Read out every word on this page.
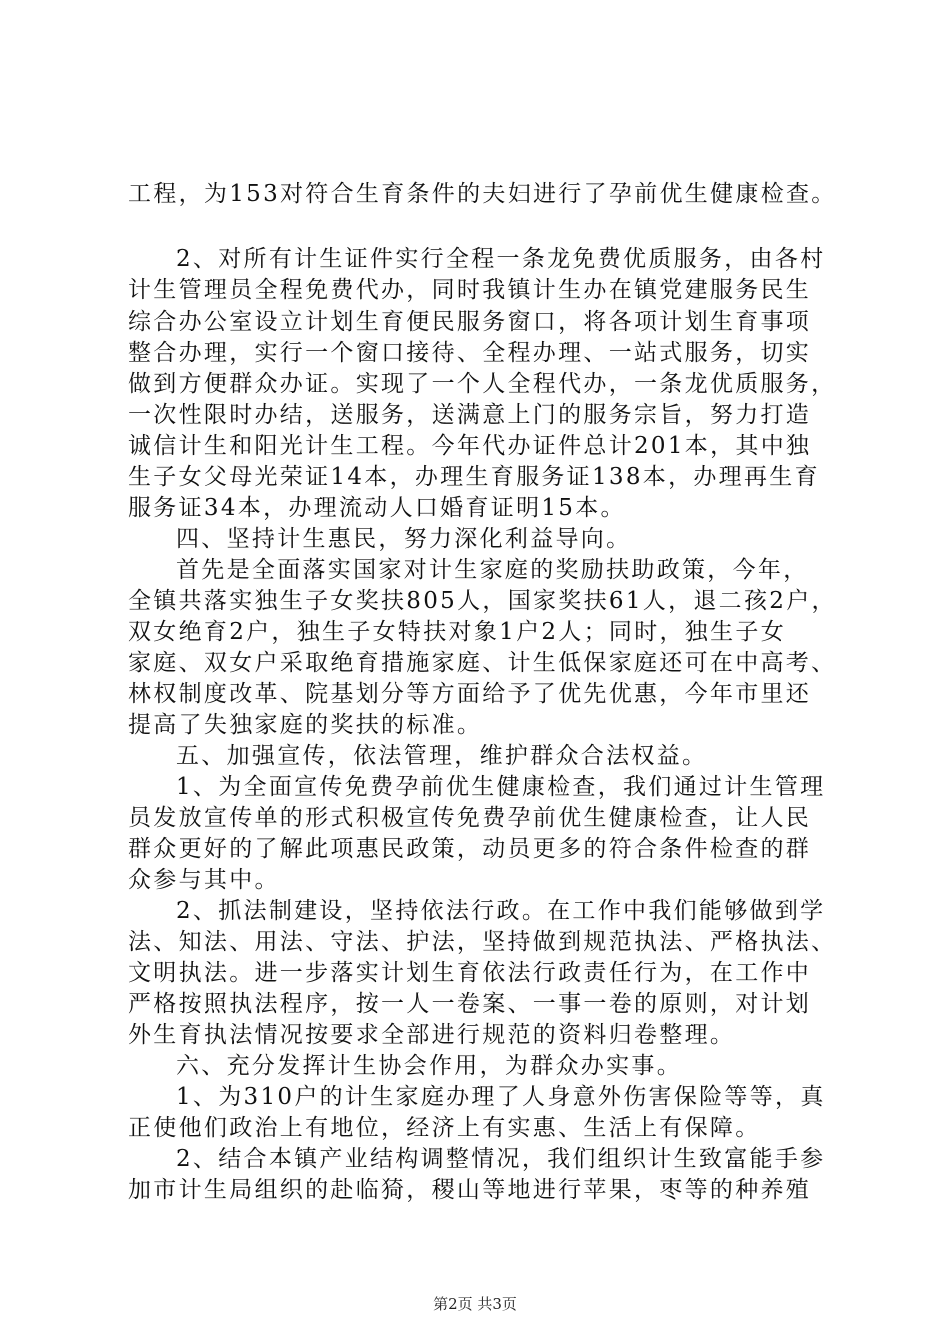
工程，为153对符合生育条件的夫妇进行了孕前优生健康检查。
2、对所有计生证件实行全程一条龙免费优质服务，由各村
计生管理员全程免费代办，同时我镇计生办在镇党建服务民生
综合办公室设立计划生育便民服务窗口，将各项计划生育事项
整合办理，实行一个窗口接待、全程办理、一站式服务，切实
做到方便群众办证。实现了一个人全程代办，一条龙优质服务，
一次性限时办结，送服务，送满意上门的服务宗旨，努力打造
诚信计生和阳光计生工程。今年代办证件总计201本，其中独
生子女父母光荣证14本，办理生育服务证138本，办理再生育
服务证34本，办理流动人口婚育证明15本。
四、坚持计生惠民，努力深化利益导向。
首先是全面落实国家对计生家庭的奖励扶助政策，今年，
全镇共落实独生子女奖扶805人，国家奖扶61人，退二孩2户，
双女绝育2户，独生子女特扶对象1户2人；同时，独生子女
家庭、双女户采取绝育措施家庭、计生低保家庭还可在中高考、
林权制度改革、院基划分等方面给予了优先优惠，今年市里还
提高了失独家庭的奖扶的标准。
五、加强宣传，依法管理，维护群众合法权益。
1、为全面宣传免费孕前优生健康检查，我们通过计生管理
员发放宣传单的形式积极宣传免费孕前优生健康检查，让人民
群众更好的了解此项惠民政策，动员更多的符合条件检查的群
众参与其中。
2、抓法制建设，坚持依法行政。在工作中我们能够做到学
法、知法、用法、守法、护法，坚持做到规范执法、严格执法、
文明执法。进一步落实计划生育依法行政责任行为，在工作中
严格按照执法程序，按一人一卷案、一事一卷的原则，对计划
外生育执法情况按要求全部进行规范的资料归卷整理。
六、充分发挥计生协会作用，为群众办实事。
1、为310户的计生家庭办理了人身意外伤害保险等等，真
正使他们政治上有地位，经济上有实惠、生活上有保障。
2、结合本镇产业结构调整情况，我们组织计生致富能手参
加市计生局组织的赴临猗，稷山等地进行苹果，枣等的种养殖
第2页 共3页
